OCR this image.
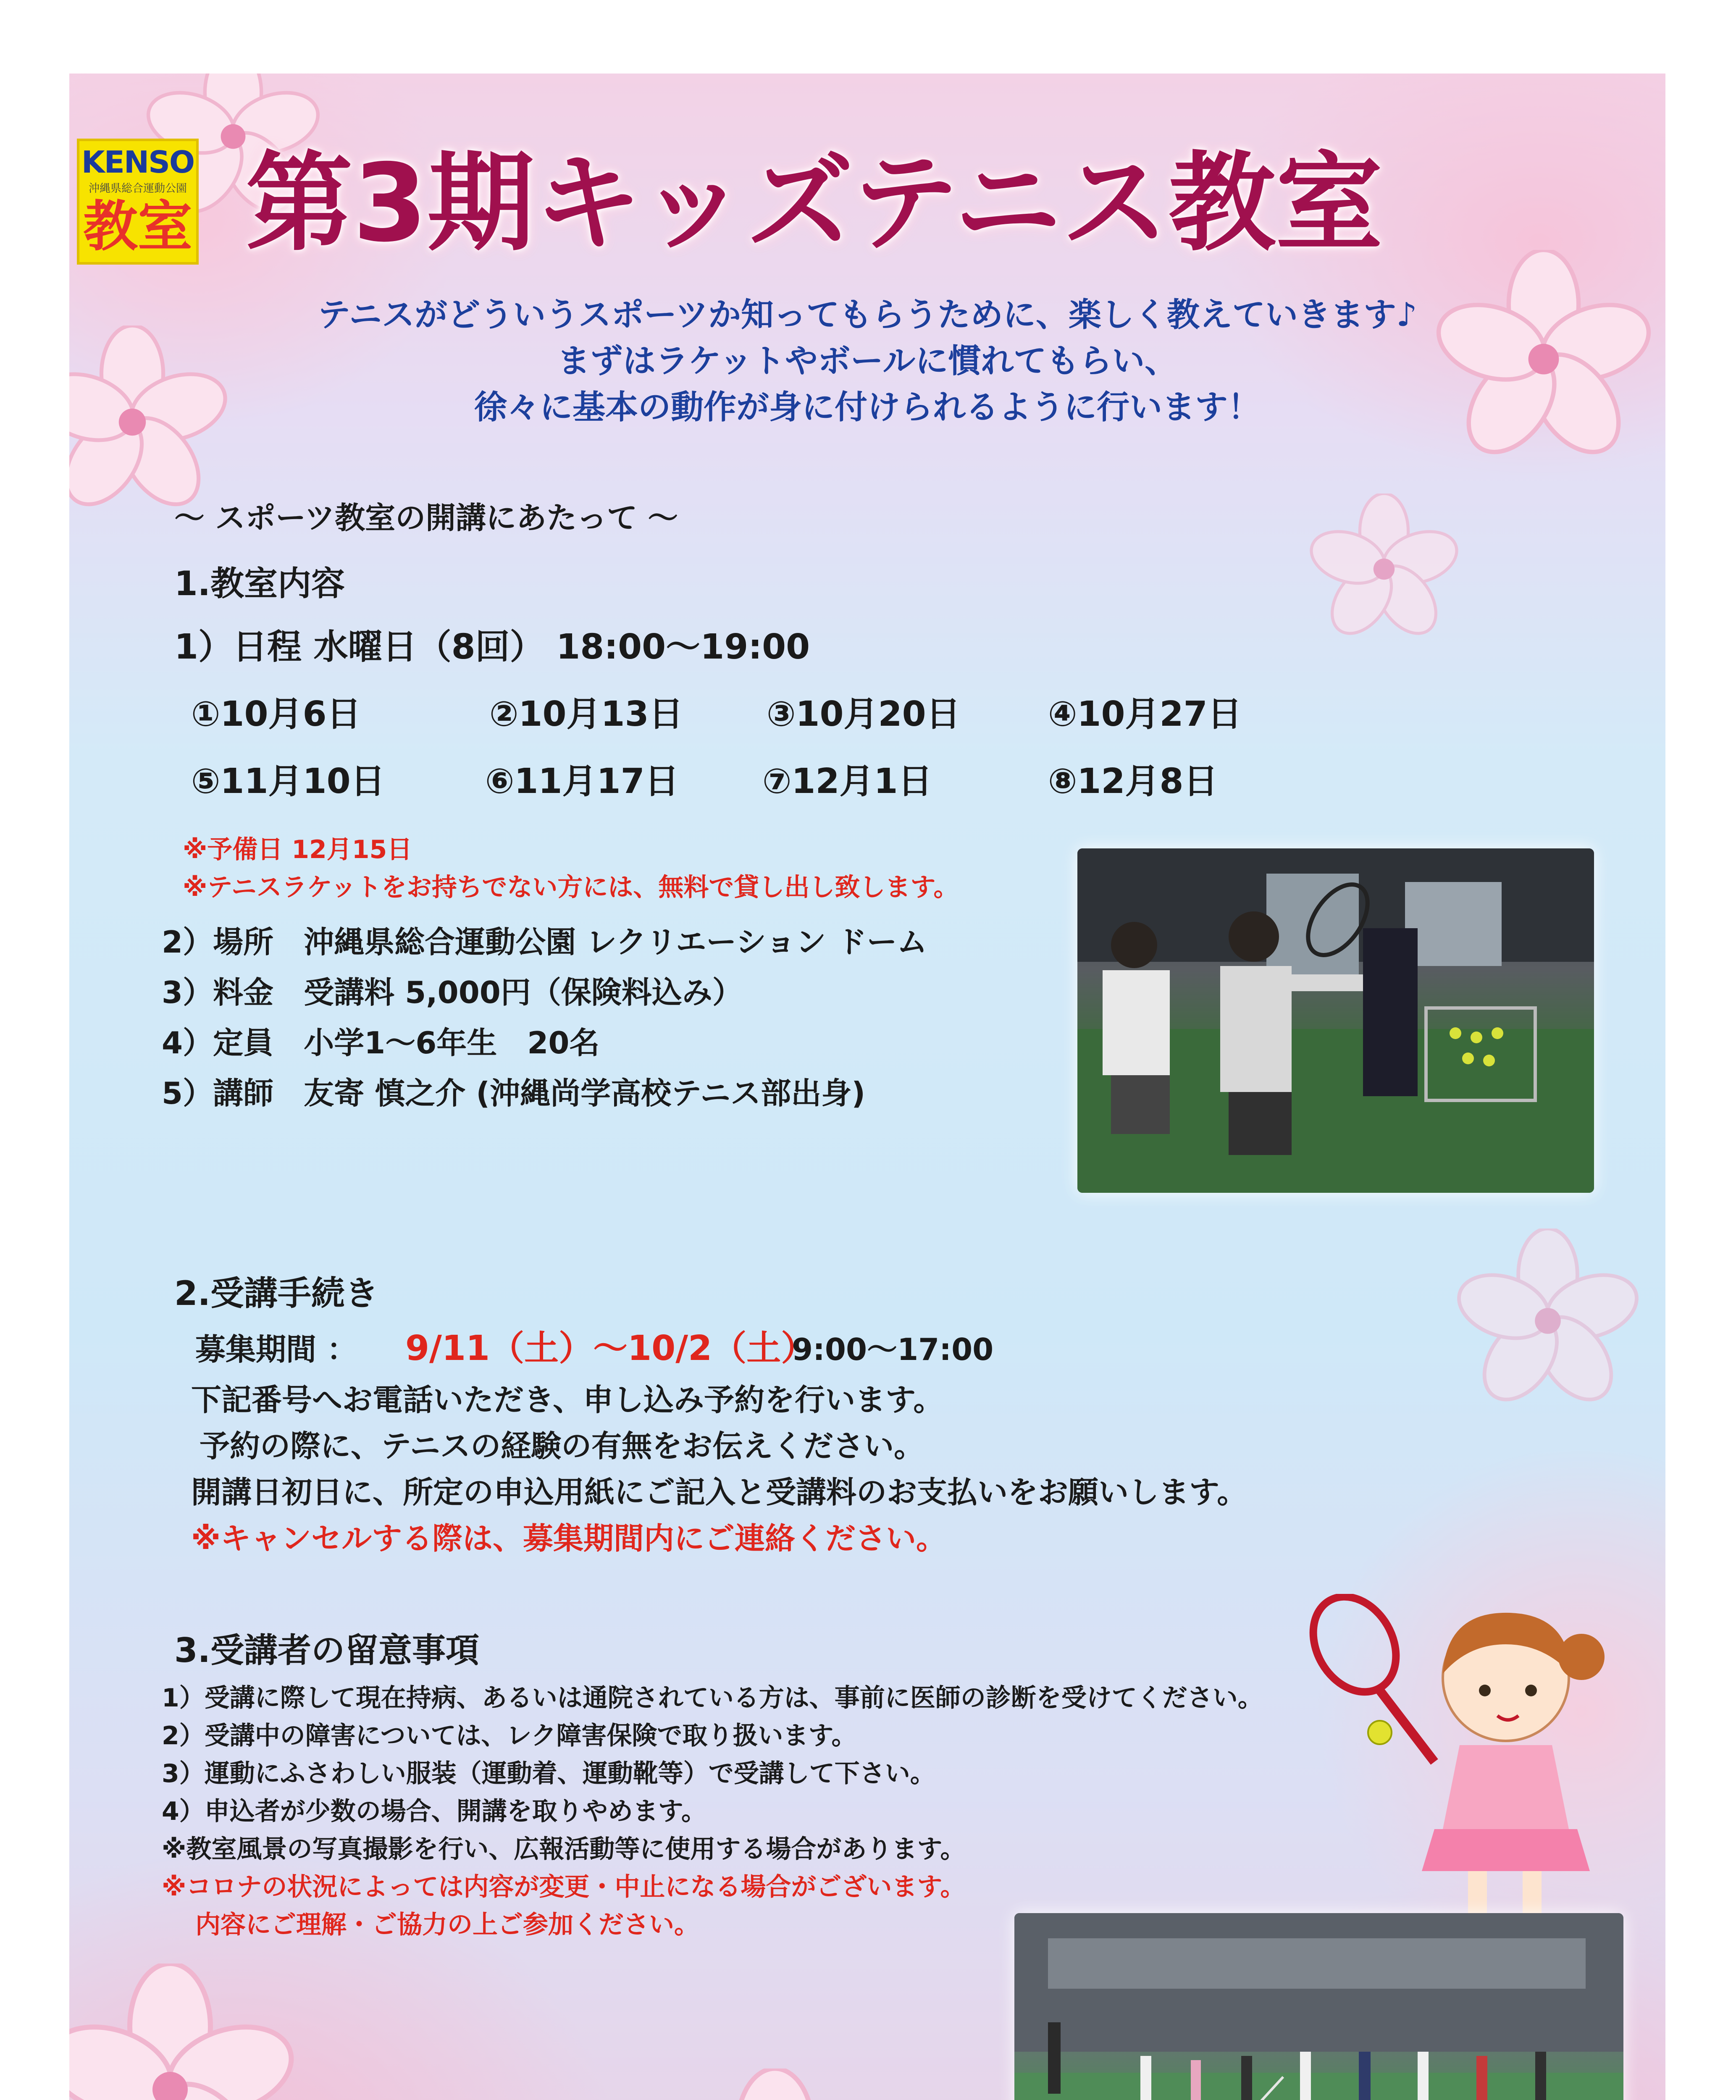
KENSO
沖縄県総合運動公園
教室 第3期キッズテニス教室
テニスがどういうスポーツか知ってもらうために、楽しく教えていきます♪
まずはラケットやボールに慣れてもらい、
徐々に基本の動作が身に付けられるように行います！
～ スポーツ教室の開講にあたって ～
1.教室内容
1）日程 水曜日（8回） 18:00～19:00
①10月6日	②10月13日 ③10月20日	④10月27日
⑤11月10日	⑥11月17日 ⑦12月1日	⑧12月8日
※予備日 12月15日
※テニスラケットをお持ちでない方には、無料で貸し出し致します。
2）場所　沖縄県総合運動公園 レクリエーション ドーム
3）料金　受講料 5,000円（保険料込み）
4）定員　小学1～6年生　20名
5）講師　友寄 慎之介 (沖縄尚学高校テニス部出身)
2.受講手続き
募集期間 ： 9/11（土）～10/2（土）
9:00～17:00
下記番号へお電話いただき、申し込み予約を行います。
予約の際に、テニスの経験の有無をお伝えください。
開講日初日に、所定の申込用紙にご記入と受講料のお支払いをお願いします。
※キャンセルする際は、募集期間内にご連絡ください。
3.受講者の留意事項
1）受講に際して現在持病、あるいは通院されている方は、事前に医師の診断を受けてください。
2）受講中の障害については、レク障害保険で取り扱います。
3）運動にふさわしい服装（運動着、運動靴等）で受講して下さい。
4）申込者が少数の場合、開講を取りやめます。
※教室風景の写真撮影を行い、広報活動等に使用する場合があります。
※コロナの状況によっては内容が変更・中止になる場合がございます。
内容にご理解・ご協力の上ご参加ください。
